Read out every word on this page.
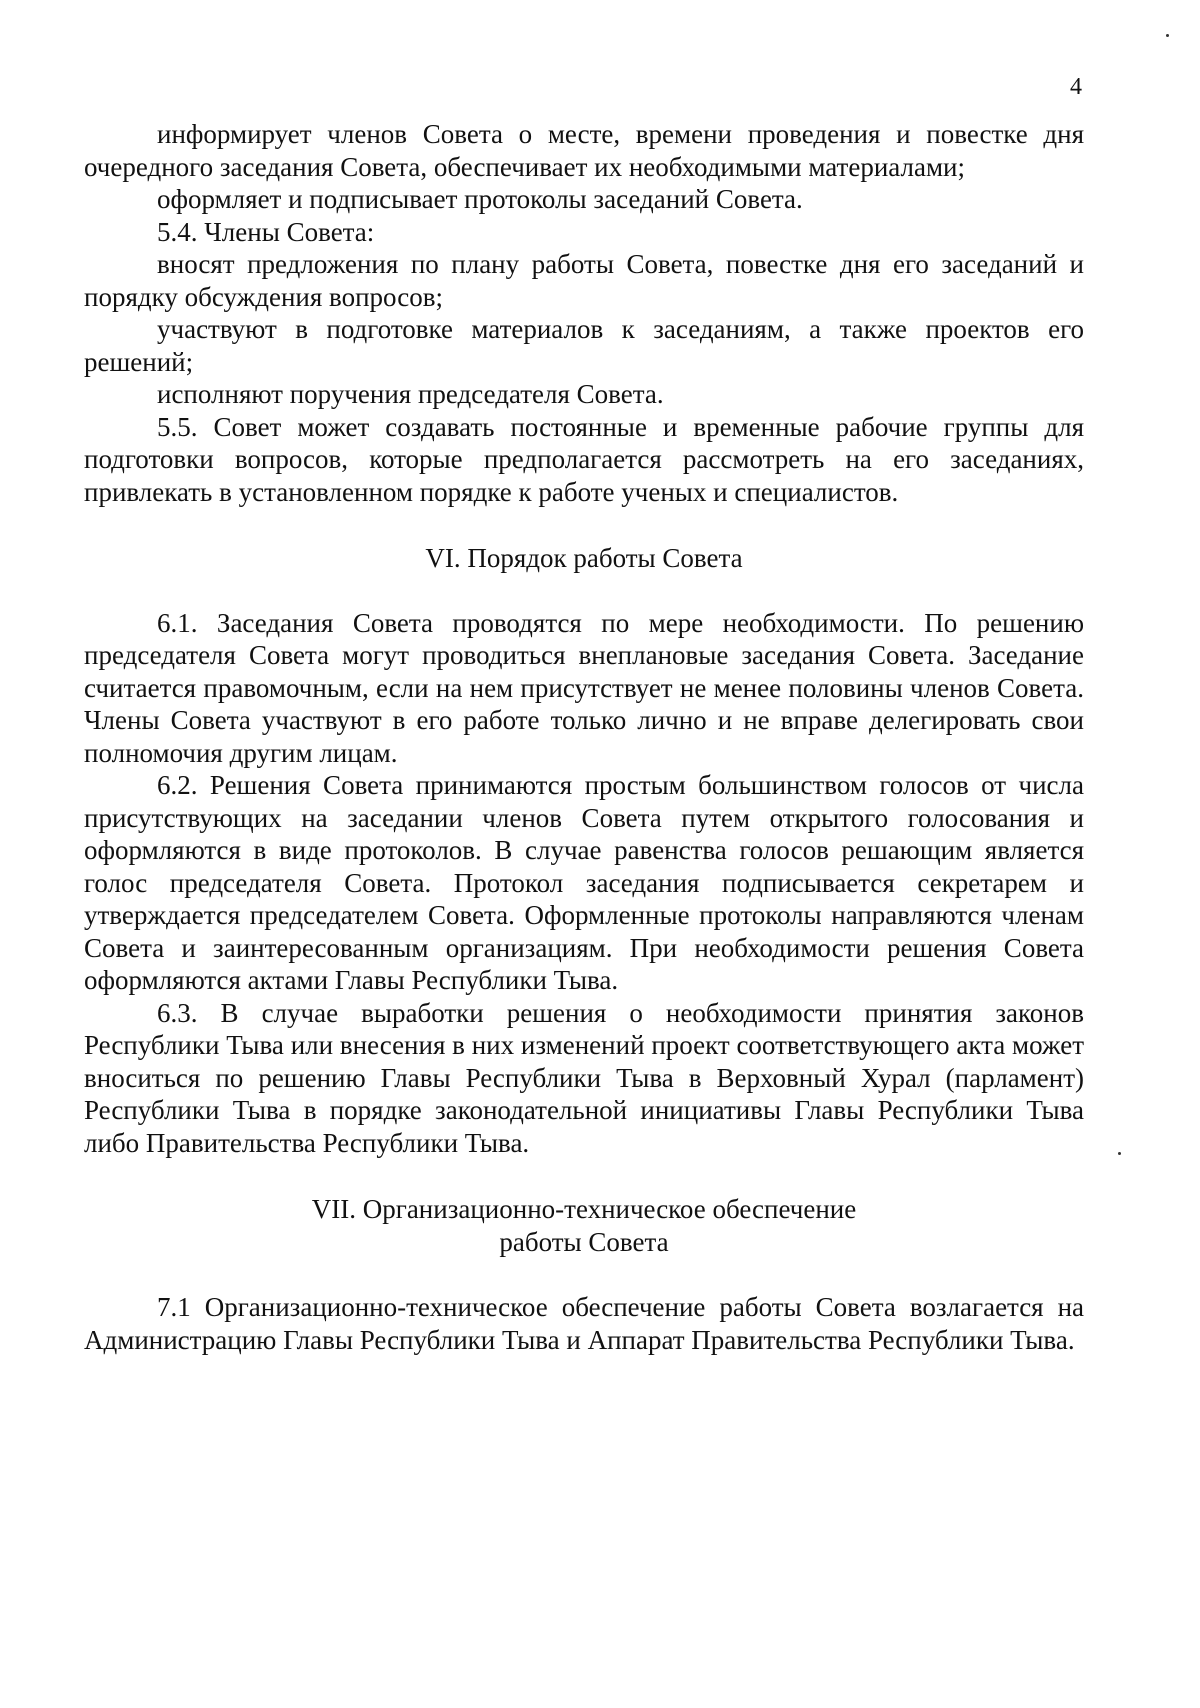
4

информирует членов Совета о месте, времени проведения и повестке дня очередного заседания Совета, обеспечивает их необходимыми материалами;

оформляет и подписывает протоколы заседаний Совета.

5.4. Члены Совета:

вносят предложения по плану работы Совета, повестке дня его заседаний и порядку обсуждения вопросов;

участвуют в подготовке материалов к заседаниям, а также проектов его решений;

исполняют поручения председателя Совета.

5.5. Совет может создавать постоянные и временные рабочие группы для подготовки вопросов, которые предполагается рассмотреть на его заседаниях, привлекать в установленном порядке к работе ученых и специалистов.

VI. Порядок работы Совета

6.1. Заседания Совета проводятся по мере необходимости. По решению председателя Совета могут проводиться внеплановые заседания Совета. Заседание считается правомочным, если на нем присутствует не менее половины членов Совета. Члены Совета участвуют в его работе только лично и не вправе делегировать свои полномочия другим лицам.

6.2. Решения Совета принимаются простым большинством голосов от числа присутствующих на заседании членов Совета путем открытого голосования и оформляются в виде протоколов. В случае равенства голосов решающим является голос председателя Совета. Протокол заседания подписывается секретарем и утверждается председателем Совета. Оформленные протоколы направляются членам Совета и заинтересованным организациям. При необходимости решения Совета оформляются актами Главы Республики Тыва.

6.3. В случае выработки решения о необходимости принятия законов Республики Тыва или внесения в них изменений проект соответствующего акта может вноситься по решению Главы Республики Тыва в Верховный Хурал (парламент) Республики Тыва в порядке законодательной инициативы Главы Республики Тыва либо Правительства Республики Тыва.

VII. Организационно-техническое обеспечение
работы Совета

7.1 Организационно-техническое обеспечение работы Совета возлагается на Администрацию Главы Республики Тыва и Аппарат Правительства Республики Тыва.
